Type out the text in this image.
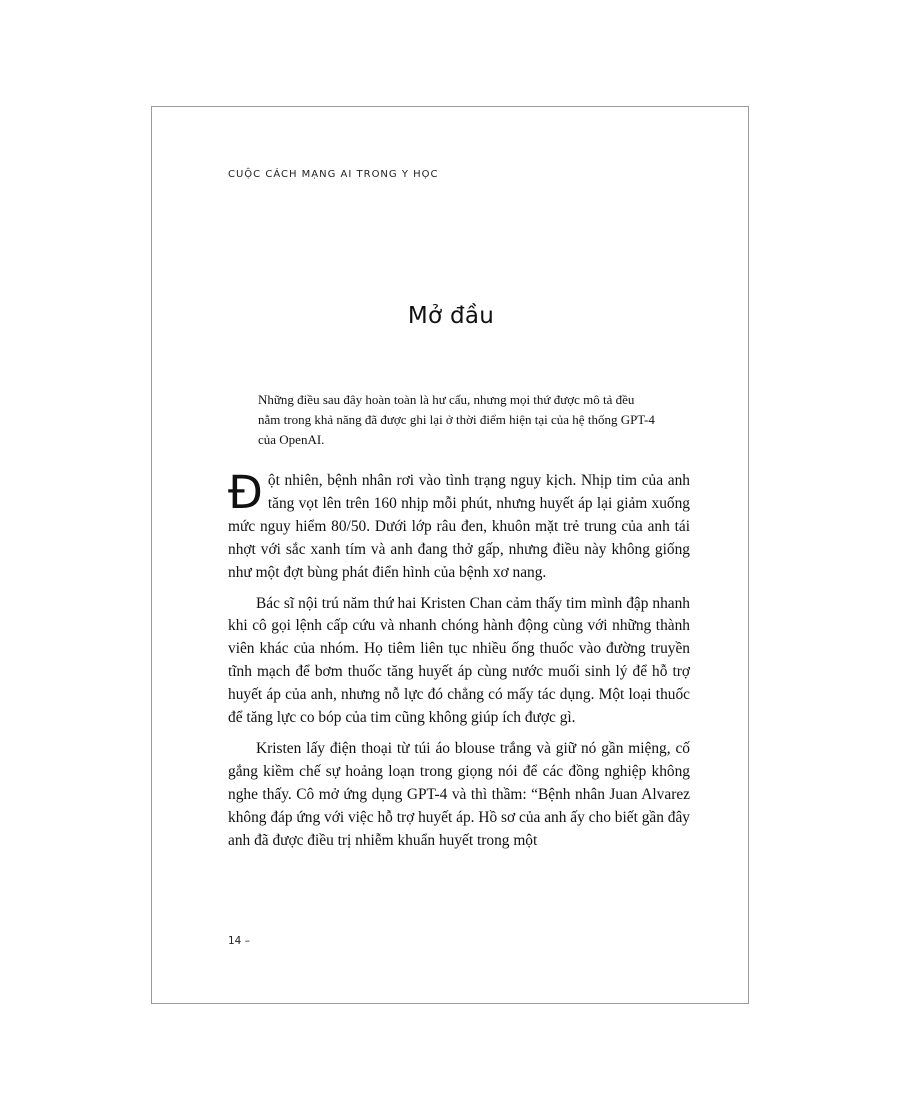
CUỘC CÁCH MẠNG AI TRONG Y HỌC
Mở đầu
Những điều sau đây hoàn toàn là hư cấu, nhưng mọi thứ được mô tả đều nằm trong khả năng đã được ghi lại ở thời điểm hiện tại của hệ thống GPT-4 của OpenAI.

Đột nhiên, bệnh nhân rơi vào tình trạng nguy kịch. Nhịp tim của anh tăng vọt lên trên 160 nhịp mỗi phút, nhưng huyết áp lại giảm xuống mức nguy hiểm 80/50. Dưới lớp râu đen, khuôn mặt trẻ trung của anh tái nhợt với sắc xanh tím và anh đang thở gấp, nhưng điều này không giống như một đợt bùng phát điển hình của bệnh xơ nang.

Bác sĩ nội trú năm thứ hai Kristen Chan cảm thấy tim mình đập nhanh khi cô gọi lệnh cấp cứu và nhanh chóng hành động cùng với những thành viên khác của nhóm. Họ tiêm liên tục nhiều ống thuốc vào đường truyền tĩnh mạch để bơm thuốc tăng huyết áp cùng nước muối sinh lý để hỗ trợ huyết áp của anh, nhưng nỗ lực đó chẳng có mấy tác dụng. Một loại thuốc để tăng lực co bóp của tim cũng không giúp ích được gì.

Kristen lấy điện thoại từ túi áo blouse trắng và giữ nó gần miệng, cố gắng kiềm chế sự hoảng loạn trong giọng nói để các đồng nghiệp không nghe thấy. Cô mở ứng dụng GPT-4 và thì thầm: “Bệnh nhân Juan Alvarez không đáp ứng với việc hỗ trợ huyết áp. Hồ sơ của anh ấy cho biết gần đây anh đã được điều trị nhiễm khuẩn huyết trong một

14 –
